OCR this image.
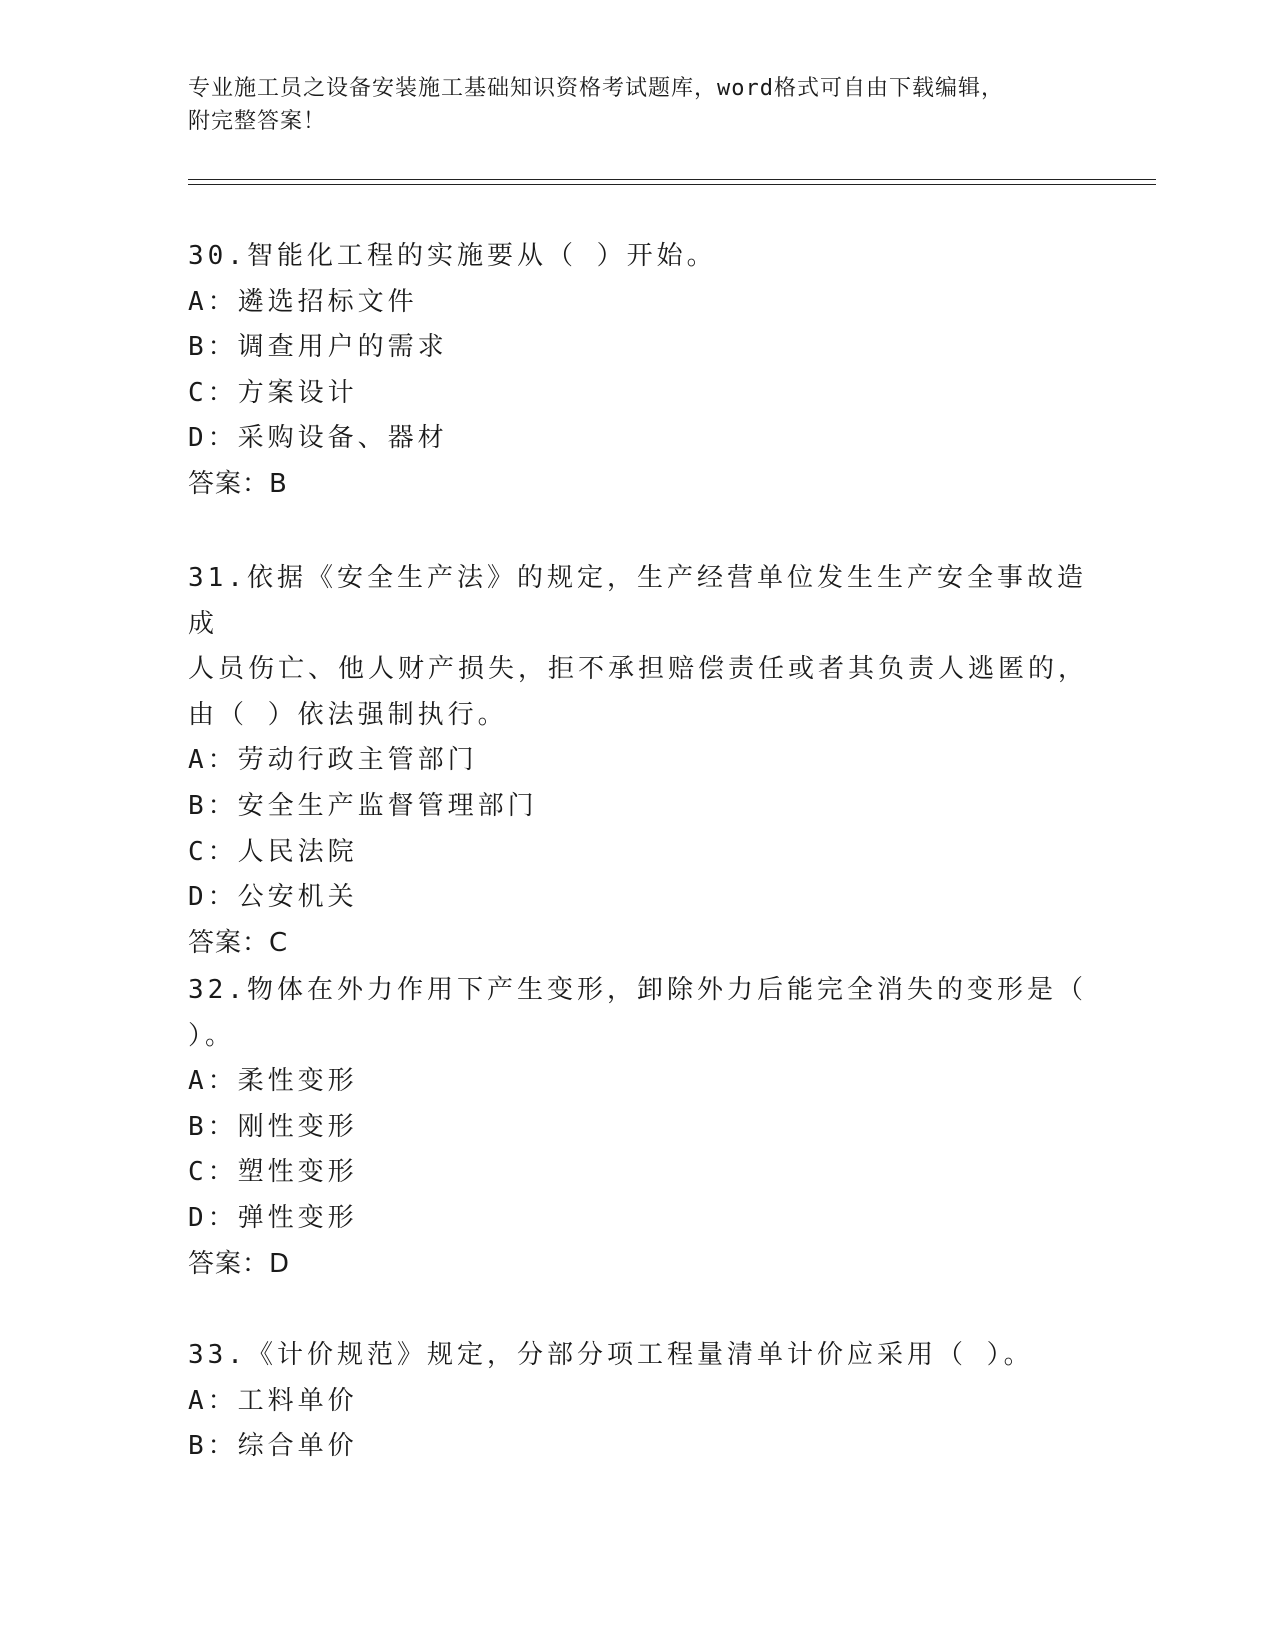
专业施工员之设备安装施工基础知识资格考试题库，word格式可自由下载编辑，
附完整答案！

30.智能化工程的实施要从（ ）开始。

A：遴选招标文件

B：调查用户的需求

C：方案设计

D：采购设备、器材

答案：B

31.依据《安全生产法》的规定，生产经营单位发生生产安全事故造成

人员伤亡、他人财产损失，拒不承担赔偿责任或者其负责人逃匿的，

由（ ）依法强制执行。

A：劳动行政主管部门

B：安全生产监督管理部门

C：人民法院

D：公安机关

答案：C

32.物体在外力作用下产生变形，卸除外力后能完全消失的变形是（

）。

A：柔性变形

B：刚性变形

C：塑性变形

D：弹性变形

答案：D

33.《计价规范》规定，分部分项工程量清单计价应采用（ ）。

A：工料单价

B：综合单价
